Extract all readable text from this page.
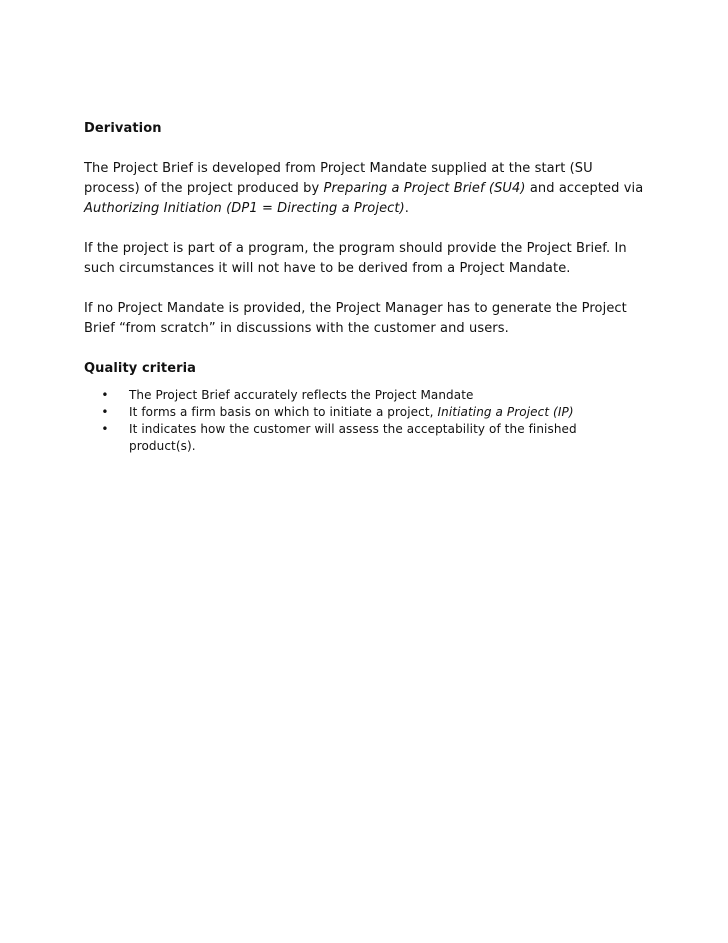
Derivation

The Project Brief is developed from Project Mandate supplied at the start (SU process) of the project produced by Preparing a Project Brief (SU4) and accepted via Authorizing Initiation (DP1 = Directing a Project).

If the project is part of a program, the program should provide the Project Brief. In such circumstances it will not have to be derived from a Project Mandate.

If no Project Mandate is provided, the Project Manager has to generate the Project Brief “from scratch” in discussions with the customer and users.

Quality criteria

• The Project Brief accurately reflects the Project Mandate
• It forms a firm basis on which to initiate a project, Initiating a Project (IP)
• It indicates how the customer will assess the acceptability of the finished product(s).
